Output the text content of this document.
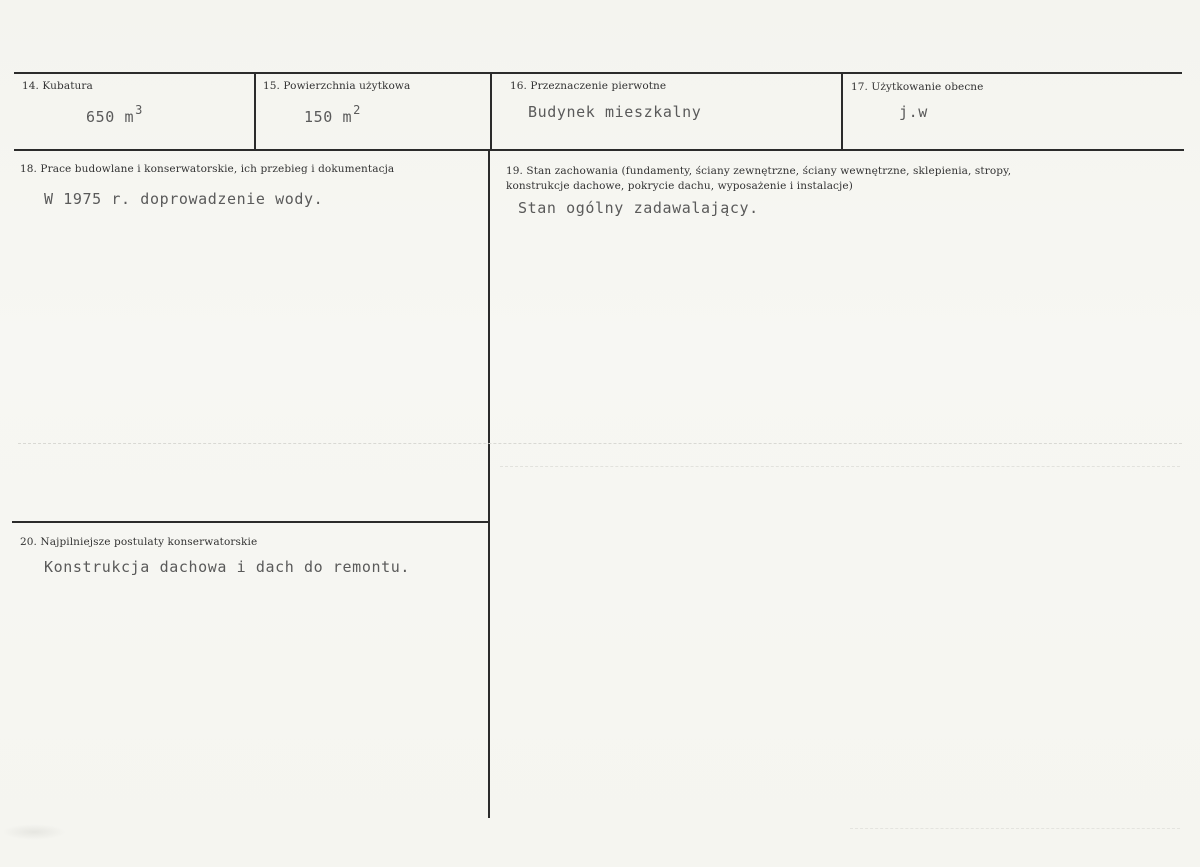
14. Kubatura
650 $m^3$
15. Powierzchnia użytkowa
150 $m^2$
16. Przeznaczenie pierwotne
Budynek mieszkalny
17. Użytkowanie obecne
j.w
18. Prace budowlane i konserwatorskie, ich przebieg i dokumentacja
W 1975 r. doprowadzenie wody.
19. Stan zachowania (fundamenty, ściany zewnętrzne, ściany wewnętrzne, sklepienia, stropy,
konstrukcje dachowe, pokrycie dachu, wyposażenie i instalacje)
Stan ogólny zadawalający.
20. Najpilniejsze postulaty konserwatorskie
Konstrukcja dachowa i dach do remontu.
